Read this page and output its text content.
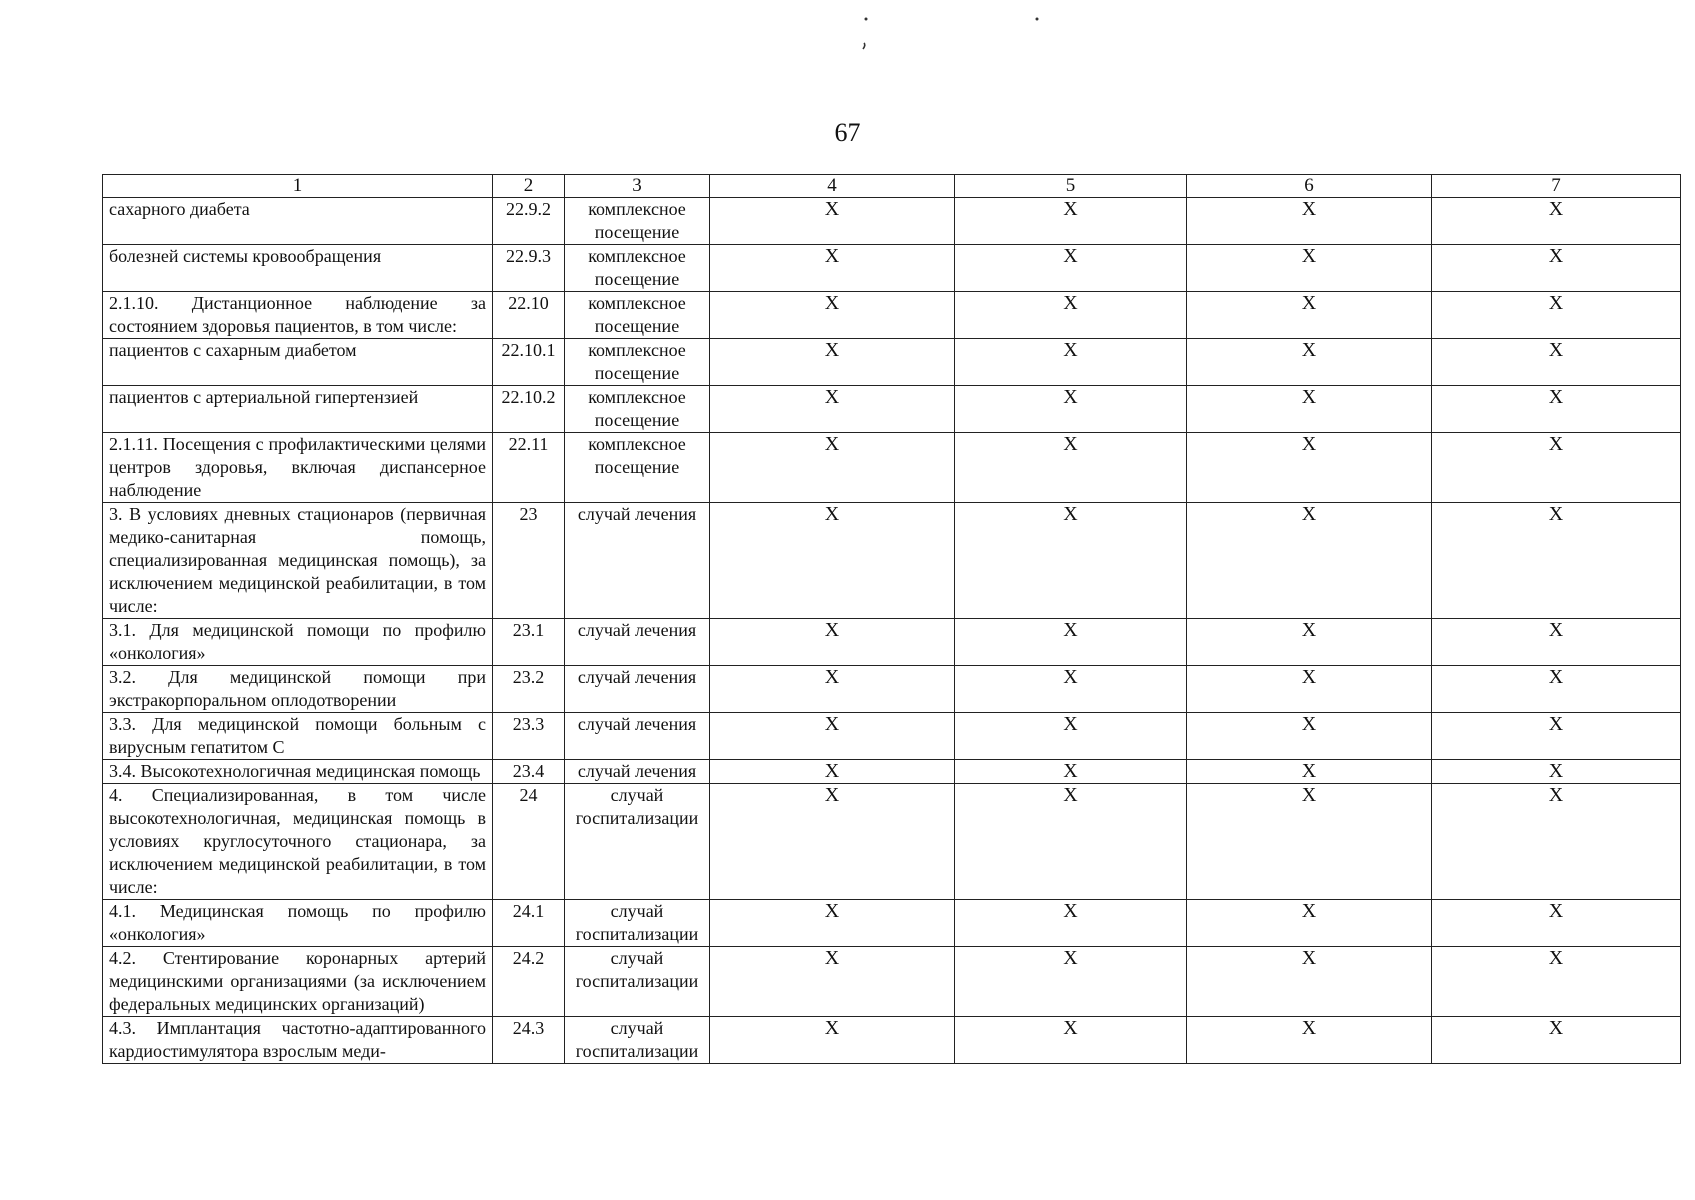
67
1	2	3	4	5	6	7
сахарного диабета	22.9.2	комплексное посещение	X	X	X	X
болезней системы кровообращения	22.9.3	комплексное посещение	X	X	X	X
2.1.10. Дистанционное наблюдение за состоянием здоровья пациентов, в том числе:	22.10	комплексное посещение	X	X	X	X
пациентов с сахарным диабетом	22.10.1	комплексное посещение	X	X	X	X
пациентов с артериальной гипертензией	22.10.2	комплексное посещение	X	X	X	X
2.1.11. Посещения с профилактическими целями центров здоровья, включая диспансерное наблюдение	22.11	комплексное посещение	X	X	X	X
3. В условиях дневных стационаров (первичная медико-санитарная помощь, специализированная медицинская помощь), за исключением медицинской реабилитации, в том числе:	23	случай лечения	X	X	X	X
3.1. Для медицинской помощи по профилю «онкология»	23.1	случай лечения	X	X	X	X
3.2. Для медицинской помощи при экстракорпоральном оплодотворении	23.2	случай лечения	X	X	X	X
3.3. Для медицинской помощи больным с вирусным гепатитом С	23.3	случай лечения	X	X	X	X
3.4. Высокотехнологичная медицинская помощь	23.4	случай лечения	X	X	X	X
4. Специализированная, в том числе высокотехнологичная, медицинская помощь в условиях круглосуточного стационара, за исключением медицинской реабилитации, в том числе:	24	случай госпитализации	X	X	X	X
4.1. Медицинская помощь по профилю «онкология»	24.1	случай госпитализации	X	X	X	X
4.2. Стентирование коронарных артерий медицинскими организациями (за исключением федеральных медицинских организаций)	24.2	случай госпитализации	X	X	X	X
4.3. Имплантация частотно-адаптированного кардиостимулятора взрослым меди-	24.3	случай госпитализации	X	X	X	X
